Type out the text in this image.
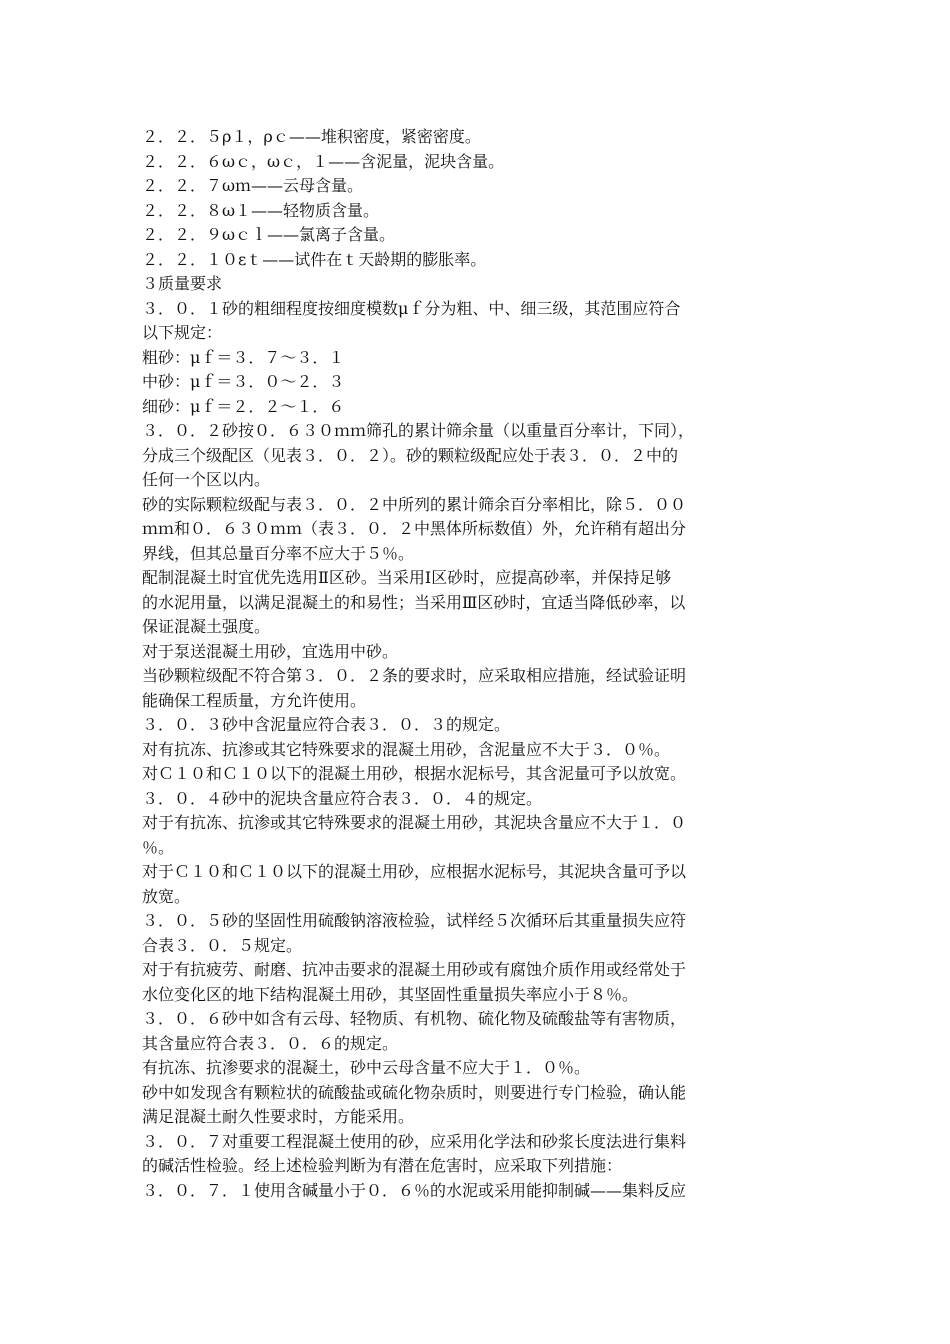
２．２．５ρ１，ρｃ——堆积密度，紧密密度。
２．２．６ωｃ，ωｃ，１——含泥量，泥块含量。
２．２．７ωｍ——云母含量。
２．２．８ω１——轻物质含量。
２．２．９ωｃｌ——氯离子含量。
２．２．１０εｔ——试件在ｔ天龄期的膨胀率。
３质量要求
３．０．１砂的粗细程度按细度模数μｆ分为粗、中、细三级，其范围应符合
以下规定：
粗砂：μｆ＝３．７～３．１
中砂：μｆ＝３．０～２．３
细砂：μｆ＝２．２～１．６
３．０．２砂按０．６３０ｍｍ筛孔的累计筛余量（以重量百分率计，下同），
分成三个级配区（见表３．０．２）。砂的颗粒级配应处于表３．０．２中的
任何一个区以内。
砂的实际颗粒级配与表３．０．２中所列的累计筛余百分率相比，除５．００
ｍｍ和０．６３０ｍｍ（表３．０．２中黑体所标数值）外，允许稍有超出分
界线，但其总量百分率不应大于５％。
配制混凝土时宜优先选用Ⅱ区砂。当采用Ⅰ区砂时，应提高砂率，并保持足够
的水泥用量，以满足混凝土的和易性；当采用Ⅲ区砂时，宜适当降低砂率，以
保证混凝土强度。
对于泵送混凝土用砂，宜选用中砂。
当砂颗粒级配不符合第３．０．２条的要求时，应采取相应措施，经试验证明
能确保工程质量，方允许使用。
３．０．３砂中含泥量应符合表３．０．３的规定。
对有抗冻、抗渗或其它特殊要求的混凝土用砂，含泥量应不大于３．０％。
对Ｃ１０和Ｃ１０以下的混凝土用砂，根据水泥标号，其含泥量可予以放宽。
３．０．４砂中的泥块含量应符合表３．０．４的规定。
对于有抗冻、抗渗或其它特殊要求的混凝土用砂，其泥块含量应不大于１．０
％。
对于Ｃ１０和Ｃ１０以下的混凝土用砂，应根据水泥标号，其泥块含量可予以
放宽。
３．０．５砂的坚固性用硫酸钠溶液检验，试样经５次循环后其重量损失应符
合表３．０．５规定。
对于有抗疲劳、耐磨、抗冲击要求的混凝土用砂或有腐蚀介质作用或经常处于
水位变化区的地下结构混凝土用砂，其坚固性重量损失率应小于８％。
３．０．６砂中如含有云母、轻物质、有机物、硫化物及硫酸盐等有害物质，
其含量应符合表３．０．６的规定。
有抗冻、抗渗要求的混凝土，砂中云母含量不应大于１．０％。
砂中如发现含有颗粒状的硫酸盐或硫化物杂质时，则要进行专门检验，确认能
满足混凝土耐久性要求时，方能采用。
３．０．７对重要工程混凝土使用的砂，应采用化学法和砂浆长度法进行集料
的碱活性检验。经上述检验判断为有潜在危害时，应采取下列措施：
３．０．７．１使用含碱量小于０．６％的水泥或采用能抑制碱——集料反应
